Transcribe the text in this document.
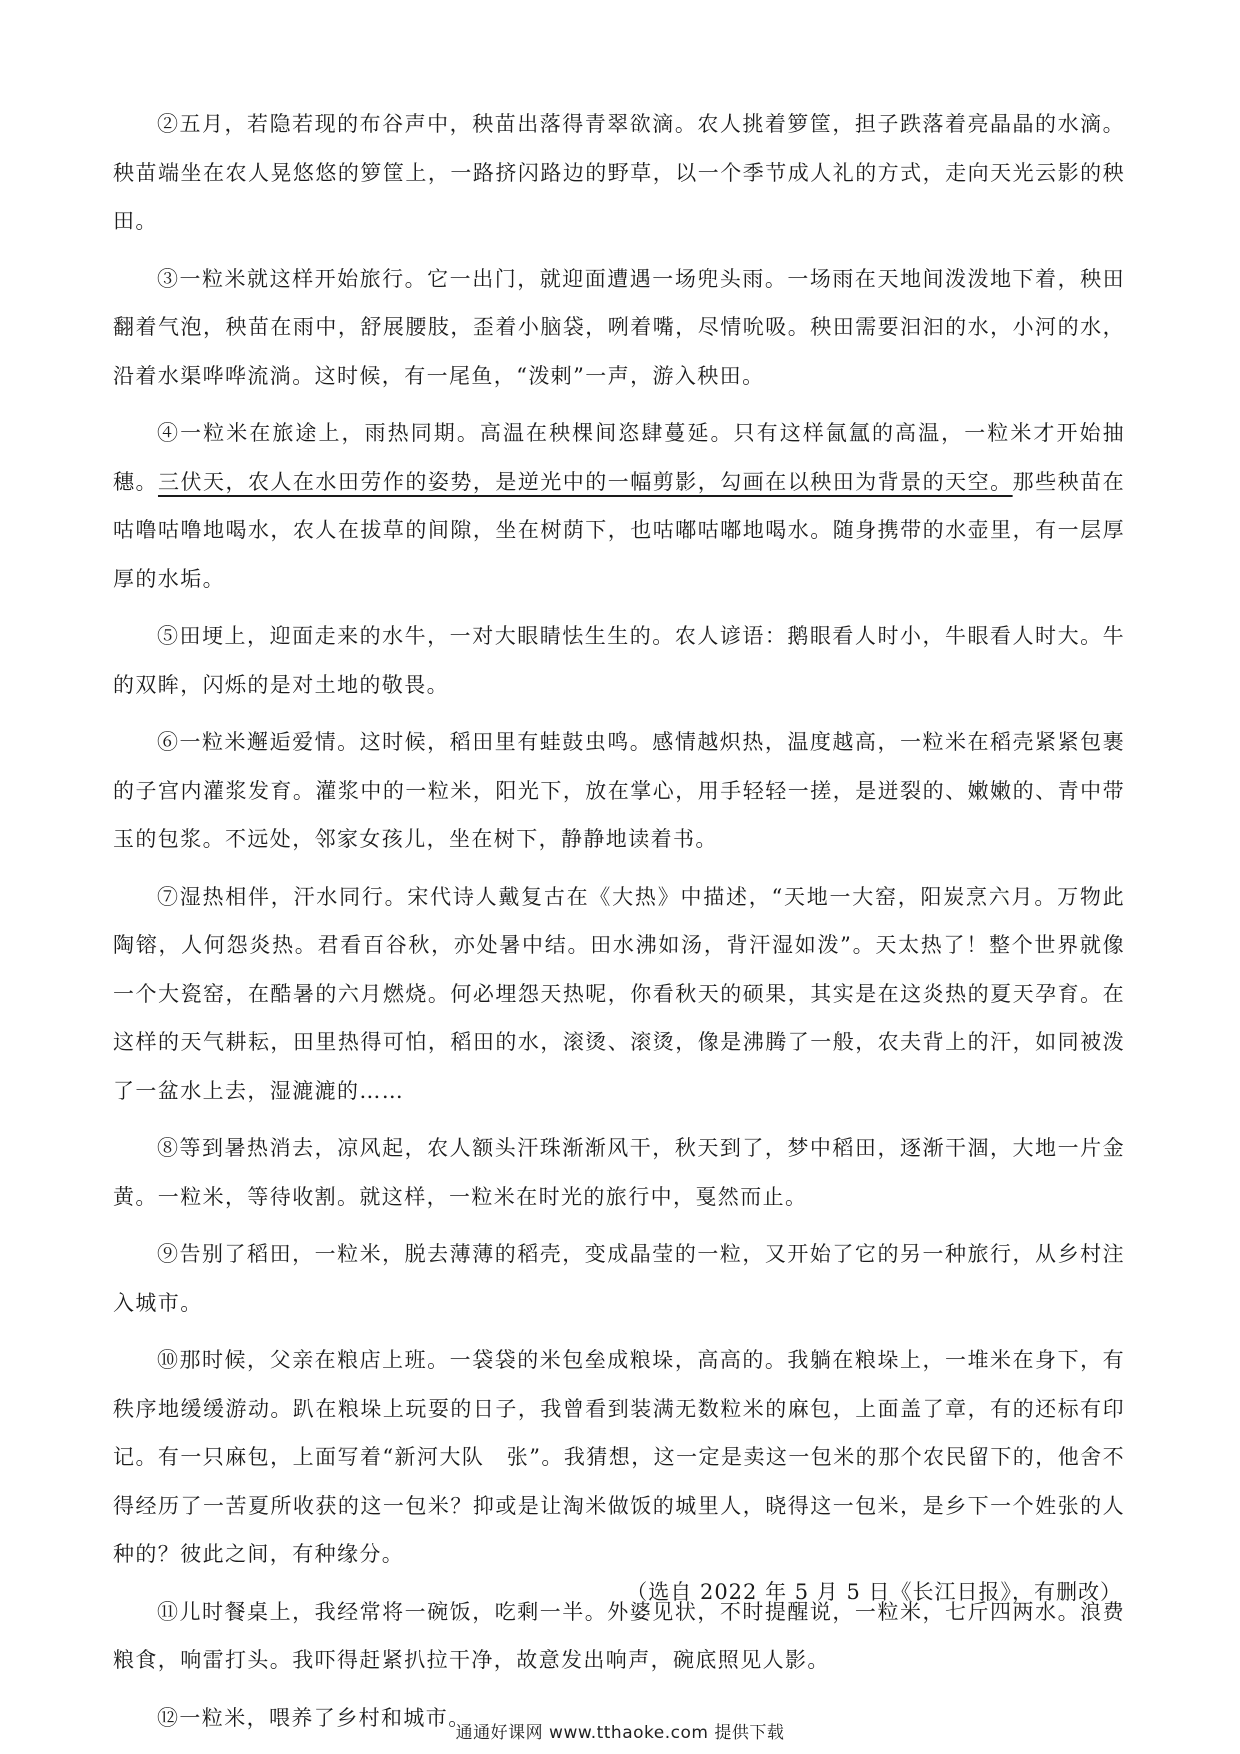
②五月，若隐若现的布谷声中，秧苗出落得青翠欲滴。农人挑着箩筐，担子跌落着亮晶晶的水滴。秧苗端坐在农人晃悠悠的箩筐上，一路挤闪路边的野草，以一个季节成人礼的方式，走向天光云影的秧田。

③一粒米就这样开始旅行。它一出门，就迎面遭遇一场兜头雨。一场雨在天地间泼泼地下着，秧田翻着气泡，秧苗在雨中，舒展腰肢，歪着小脑袋，咧着嘴，尽情吮吸。秧田需要汩汩的水，小河的水，沿着水渠哗哗流淌。这时候，有一尾鱼，“泼剌”一声，游入秧田。

④一粒米在旅途上，雨热同期。高温在秧棵间恣肆蔓延。只有这样氤氲的高温，一粒米才开始抽穗。三伏天，农人在水田劳作的姿势，是逆光中的一幅剪影，勾画在以秧田为背景的天空。那些秧苗在咕噜咕噜地喝水，农人在拔草的间隙，坐在树荫下，也咕嘟咕嘟地喝水。随身携带的水壶里，有一层厚厚的水垢。

⑤田埂上，迎面走来的水牛，一对大眼睛怯生生的。农人谚语：鹅眼看人时小，牛眼看人时大。牛的双眸，闪烁的是对土地的敬畏。

⑥一粒米邂逅爱情。这时候，稻田里有蛙鼓虫鸣。感情越炽热，温度越高，一粒米在稻壳紧紧包裹的子宫内灌浆发育。灌浆中的一粒米，阳光下，放在掌心，用手轻轻一搓，是迸裂的、嫩嫩的、青中带玉的包浆。不远处，邻家女孩儿，坐在树下，静静地读着书。

⑦湿热相伴，汗水同行。宋代诗人戴复古在《大热》中描述，“天地一大窑，阳炭烹六月。万物此陶镕，人何怨炎热。君看百谷秋，亦处暑中结。田水沸如汤，背汗湿如泼”。天太热了！整个世界就像一个大瓷窑，在酷暑的六月燃烧。何必埋怨天热呢，你看秋天的硕果，其实是在这炎热的夏天孕育。在这样的天气耕耘，田里热得可怕，稻田的水，滚烫、滚烫，像是沸腾了一般，农夫背上的汗，如同被泼了一盆水上去，湿漉漉的……

⑧等到暑热消去，凉风起，农人额头汗珠渐渐风干，秋天到了，梦中稻田，逐渐干涸，大地一片金黄。一粒米，等待收割。就这样，一粒米在时光的旅行中，戛然而止。

⑨告别了稻田，一粒米，脱去薄薄的稻壳，变成晶莹的一粒，又开始了它的另一种旅行，从乡村注入城市。

⑩那时候，父亲在粮店上班。一袋袋的米包垒成粮垛，高高的。我躺在粮垛上，一堆米在身下，有秩序地缓缓游动。趴在粮垛上玩耍的日子，我曾看到装满无数粒米的麻包，上面盖了章，有的还标有印记。有一只麻包，上面写着“新河大队　张”。我猜想，这一定是卖这一包米的那个农民留下的，他舍不得经历了一苦夏所收获的这一包米？抑或是让淘米做饭的城里人，晓得这一包米，是乡下一个姓张的人种的？彼此之间，有种缘分。

⑪儿时餐桌上，我经常将一碗饭，吃剩一半。外婆见状，不时提醒说，一粒米，七斤四两水。浪费粮食，响雷打头。我吓得赶紧扒拉干净，故意发出响声，碗底照见人影。

⑫一粒米，喂养了乡村和城市。

（选自 2022 年 5 月 5 日《长江日报》，有删改）
通通好课网 www.tthaoke.com 提供下载
